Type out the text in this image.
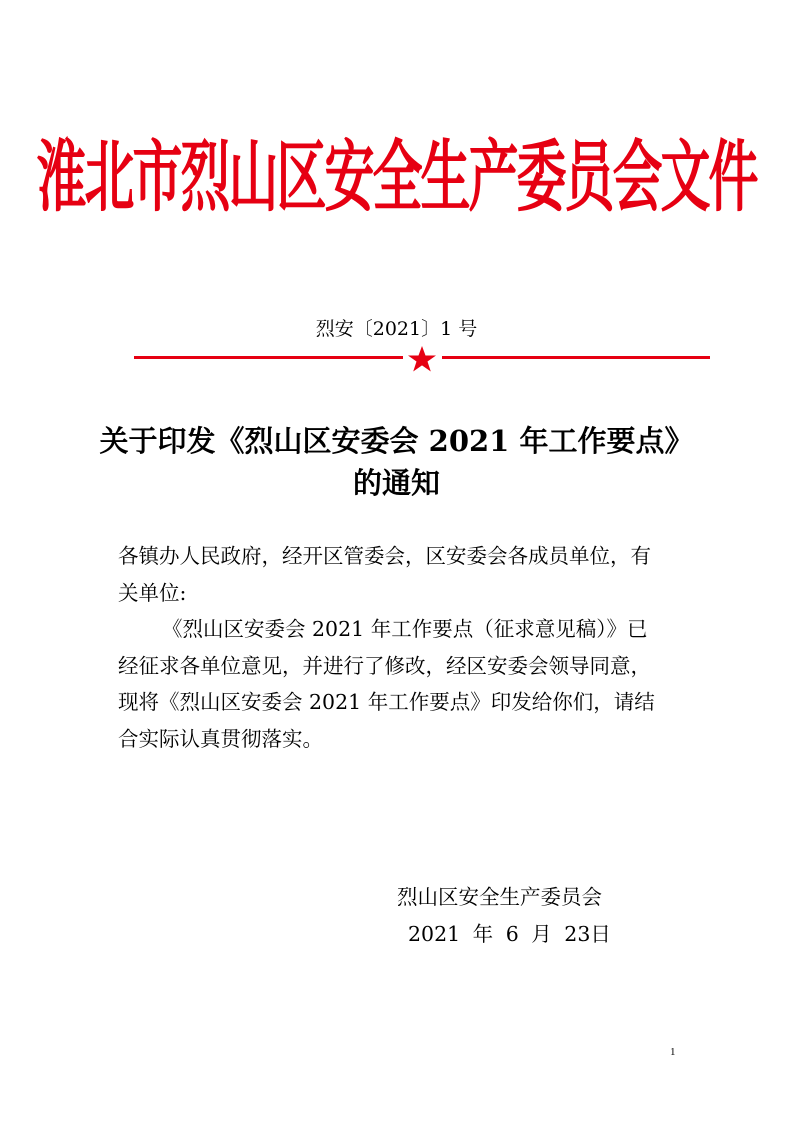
淮北市烈山区安全生产委员会文件
烈安〔2021〕1 号
关于印发《烈山区安委会 2021 年工作要点》
的通知

各镇办人民政府，经开区管委会，区安委会各成员单位，有

关单位:

《烈山区安委会 2021 年工作要点（征求意见稿）》已

经征求各单位意见，并进行了修改，经区安委会领导同意，

现将《烈山区安委会 2021 年工作要点》印发给你们，请结

合实际认真贯彻落实。

烈山区安全生产委员会
2021 年 6 月 23日
1
